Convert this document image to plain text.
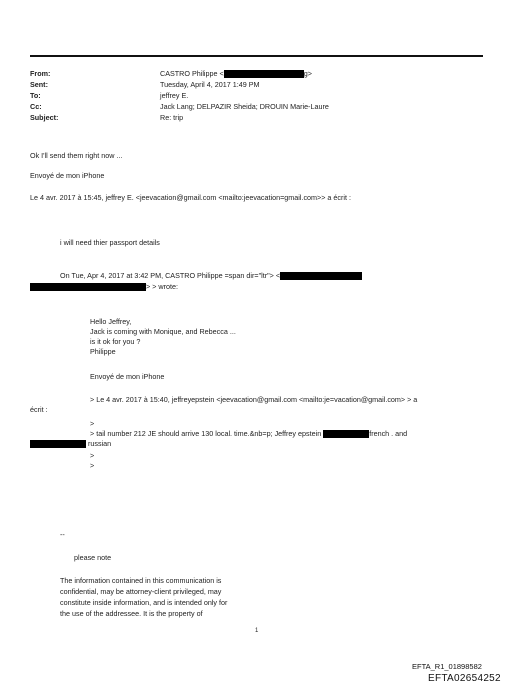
From:
Sent:
To:
Cc:
Subject:
CASTRO Philippe <	g>
Tuesday, April 4, 2017 1:49 PM
jeffrey E.
Jack Lang; DELPAZIR Sheida; DROUIN Marie-Laure
Re: trip
Ok I'll send them right now ...
Envoyé de mon iPhone
Le 4 avr. 2017 à 15:45, jeffrey E. <jeevacation@gmail.com <mailto:jeevacation=gmail.com>> a écrit :
i will need thier passport details
On Tue, Apr 4, 2017 at 3:42 PM, CASTRO Philippe =span dir="ltr"> <
> > wrote:
Hello Jeffrey,
Jack is coming with Monique, and Rebecca ...
is it ok for you ?
Philippe
Envoyé de mon iPhone
> Le 4 avr. 2017 à 15:40, jeffreyepstein <jeevacation@gmail.com <mailto:je=vacation@gmail.com> > a
écrit :
>
> tail number 212 JE should arrive 130 local. time.&nb=p; Jeffrey epstein	french . and
russian
>
>
--
please note
The information contained in this communication is
confidential, may be attorney-client privileged, may
constitute inside information, and is intended only for
the use of the addressee. It is the property of
1
EFTA_R1_01898582
EFTA02654252
